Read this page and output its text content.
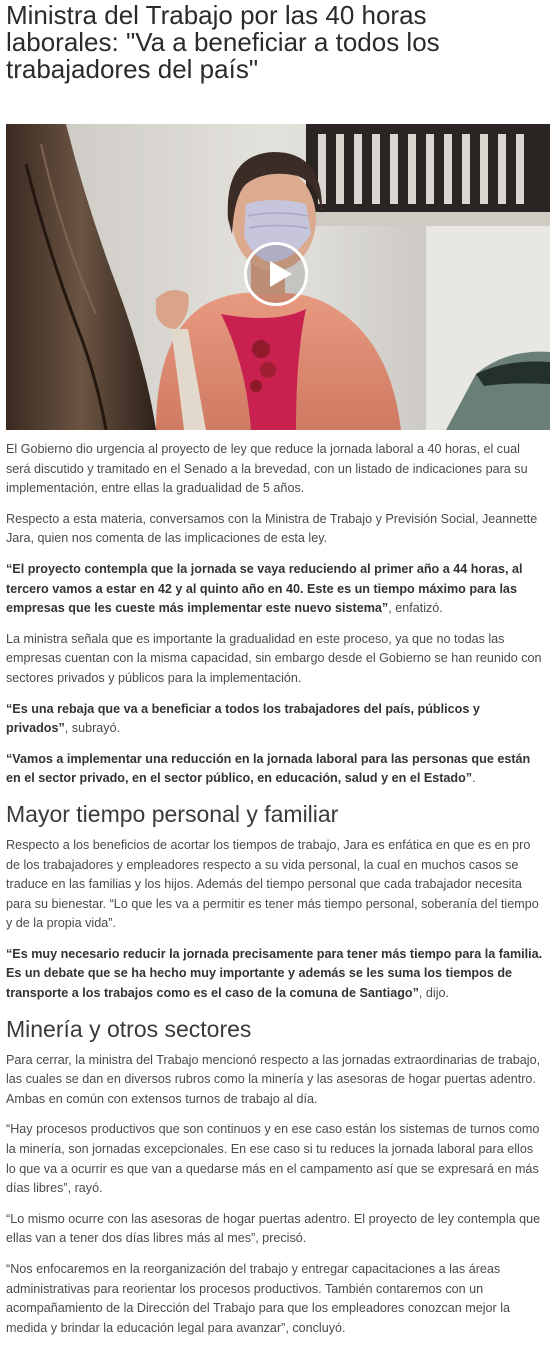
Ministra del Trabajo por las 40 horas laborales: "Va a beneficiar a todos los trabajadores del país"

El Gobierno dio urgencia al proyecto de ley que reduce la jornada laboral a 40 horas, el cual será discutido y tramitado en el Senado a la brevedad, con un listado de indicaciones para su implementación, entre ellas la gradualidad de 5 años.

Respecto a esta materia, conversamos con la Ministra de Trabajo y Previsión Social, Jeannette Jara, quien nos comenta de las implicaciones de esta ley.

“El proyecto contempla que la jornada se vaya reduciendo al primer año a 44 horas, al tercero vamos a estar en 42 y al quinto año en 40. Este es un tiempo máximo para las empresas que les cueste más implementar este nuevo sistema”, enfatizó.

La ministra señala que es importante la gradualidad en este proceso, ya que no todas las empresas cuentan con la misma capacidad, sin embargo desde el Gobierno se han reunido con sectores privados y públicos para la implementación.

“Es una rebaja que va a beneficiar a todos los trabajadores del país, públicos y privados”, subrayó.

“Vamos a implementar una reducción en la jornada laboral para las personas que están en el sector privado, en el sector público, en educación, salud y en el Estado”.

Mayor tiempo personal y familiar

Respecto a los beneficios de acortar los tiempos de trabajo, Jara es enfática en que es en pro de los trabajadores y empleadores respecto a su vida personal, la cual en muchos casos se traduce en las familias y los hijos. Además del tiempo personal que cada trabajador necesita para su bienestar. “Lo que les va a permitir es tener más tiempo personal, soberanía del tiempo y de la propia vida”.

“Es muy necesario reducir la jornada precisamente para tener más tiempo para la familia. Es un debate que se ha hecho muy importante y además se les suma los tiempos de transporte a los trabajos como es el caso de la comuna de Santiago”, dijo.

Minería y otros sectores

Para cerrar, la ministra del Trabajo mencionó respecto a las jornadas extraordinarias de trabajo, las cuales se dan en diversos rubros como la minería y las asesoras de hogar puertas adentro. Ambas en común con extensos turnos de trabajo al día.

“Hay procesos productivos que son continuos y en ese caso están los sistemas de turnos como la minería, son jornadas excepcionales. En ese caso si tu reduces la jornada laboral para ellos lo que va a ocurrir es que van a quedarse más en el campamento así que se expresará en más días libres”, rayó.

“Lo mismo ocurre con las asesoras de hogar puertas adentro. El proyecto de ley contempla que ellas van a tener dos días libres más al mes”, precisó.

“Nos enfocaremos en la reorganización del trabajo y entregar capacitaciones a las áreas administrativas para reorientar los procesos productivos. También contaremos con un acompañamiento de la Dirección del Trabajo para que los empleadores conozcan mejor la medida y brindar la educación legal para avanzar”, concluyó.
